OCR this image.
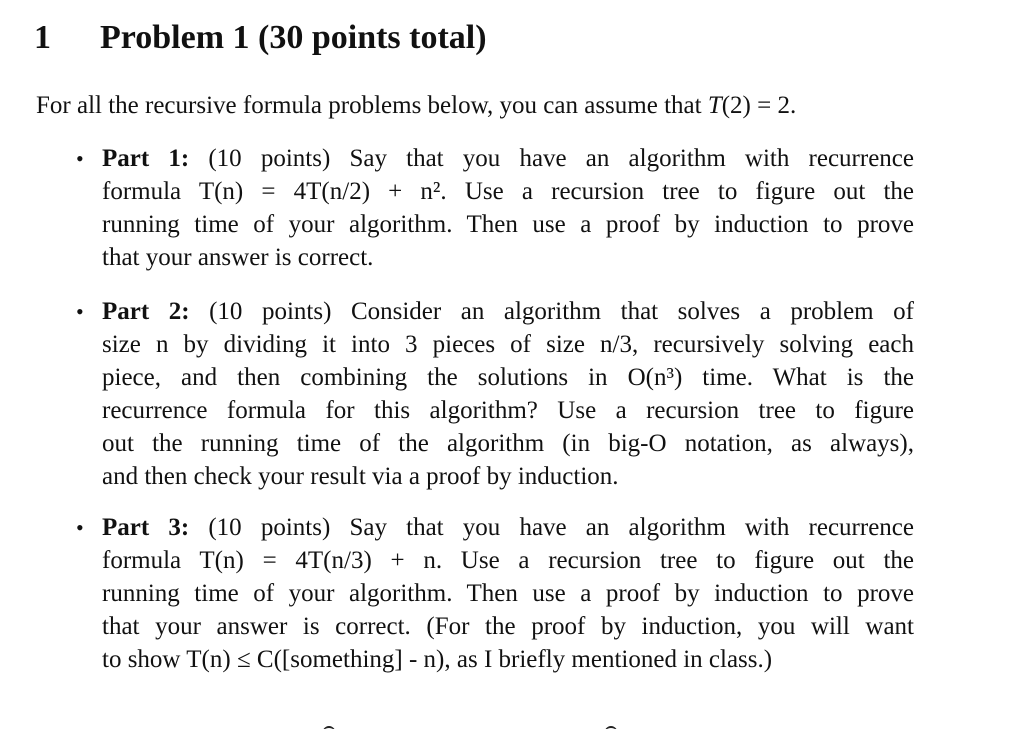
1 Problem 1 (30 points total)

For all the recursive formula problems below, you can assume that T(2) = 2.

• Part 1: (10 points) Say that you have an algorithm with recurrence
formula T(n) = 4T(n/2) + n². Use a recursion tree to figure out the
running time of your algorithm. Then use a proof by induction to prove
that your answer is correct.
• Part 2: (10 points) Consider an algorithm that solves a problem of
size n by dividing it into 3 pieces of size n/3, recursively solving each
piece, and then combining the solutions in O(n³) time. What is the
recurrence formula for this algorithm? Use a recursion tree to figure
out the running time of the algorithm (in big-O notation, as always),
and then check your result via a proof by induction.
• Part 3: (10 points) Say that you have an algorithm with recurrence
formula T(n) = 4T(n/3) + n. Use a recursion tree to figure out the
running time of your algorithm. Then use a proof by induction to prove
that your answer is correct. (For the proof by induction, you will want
to show T(n) ≤ C([something] - n), as I briefly mentioned in class.)
